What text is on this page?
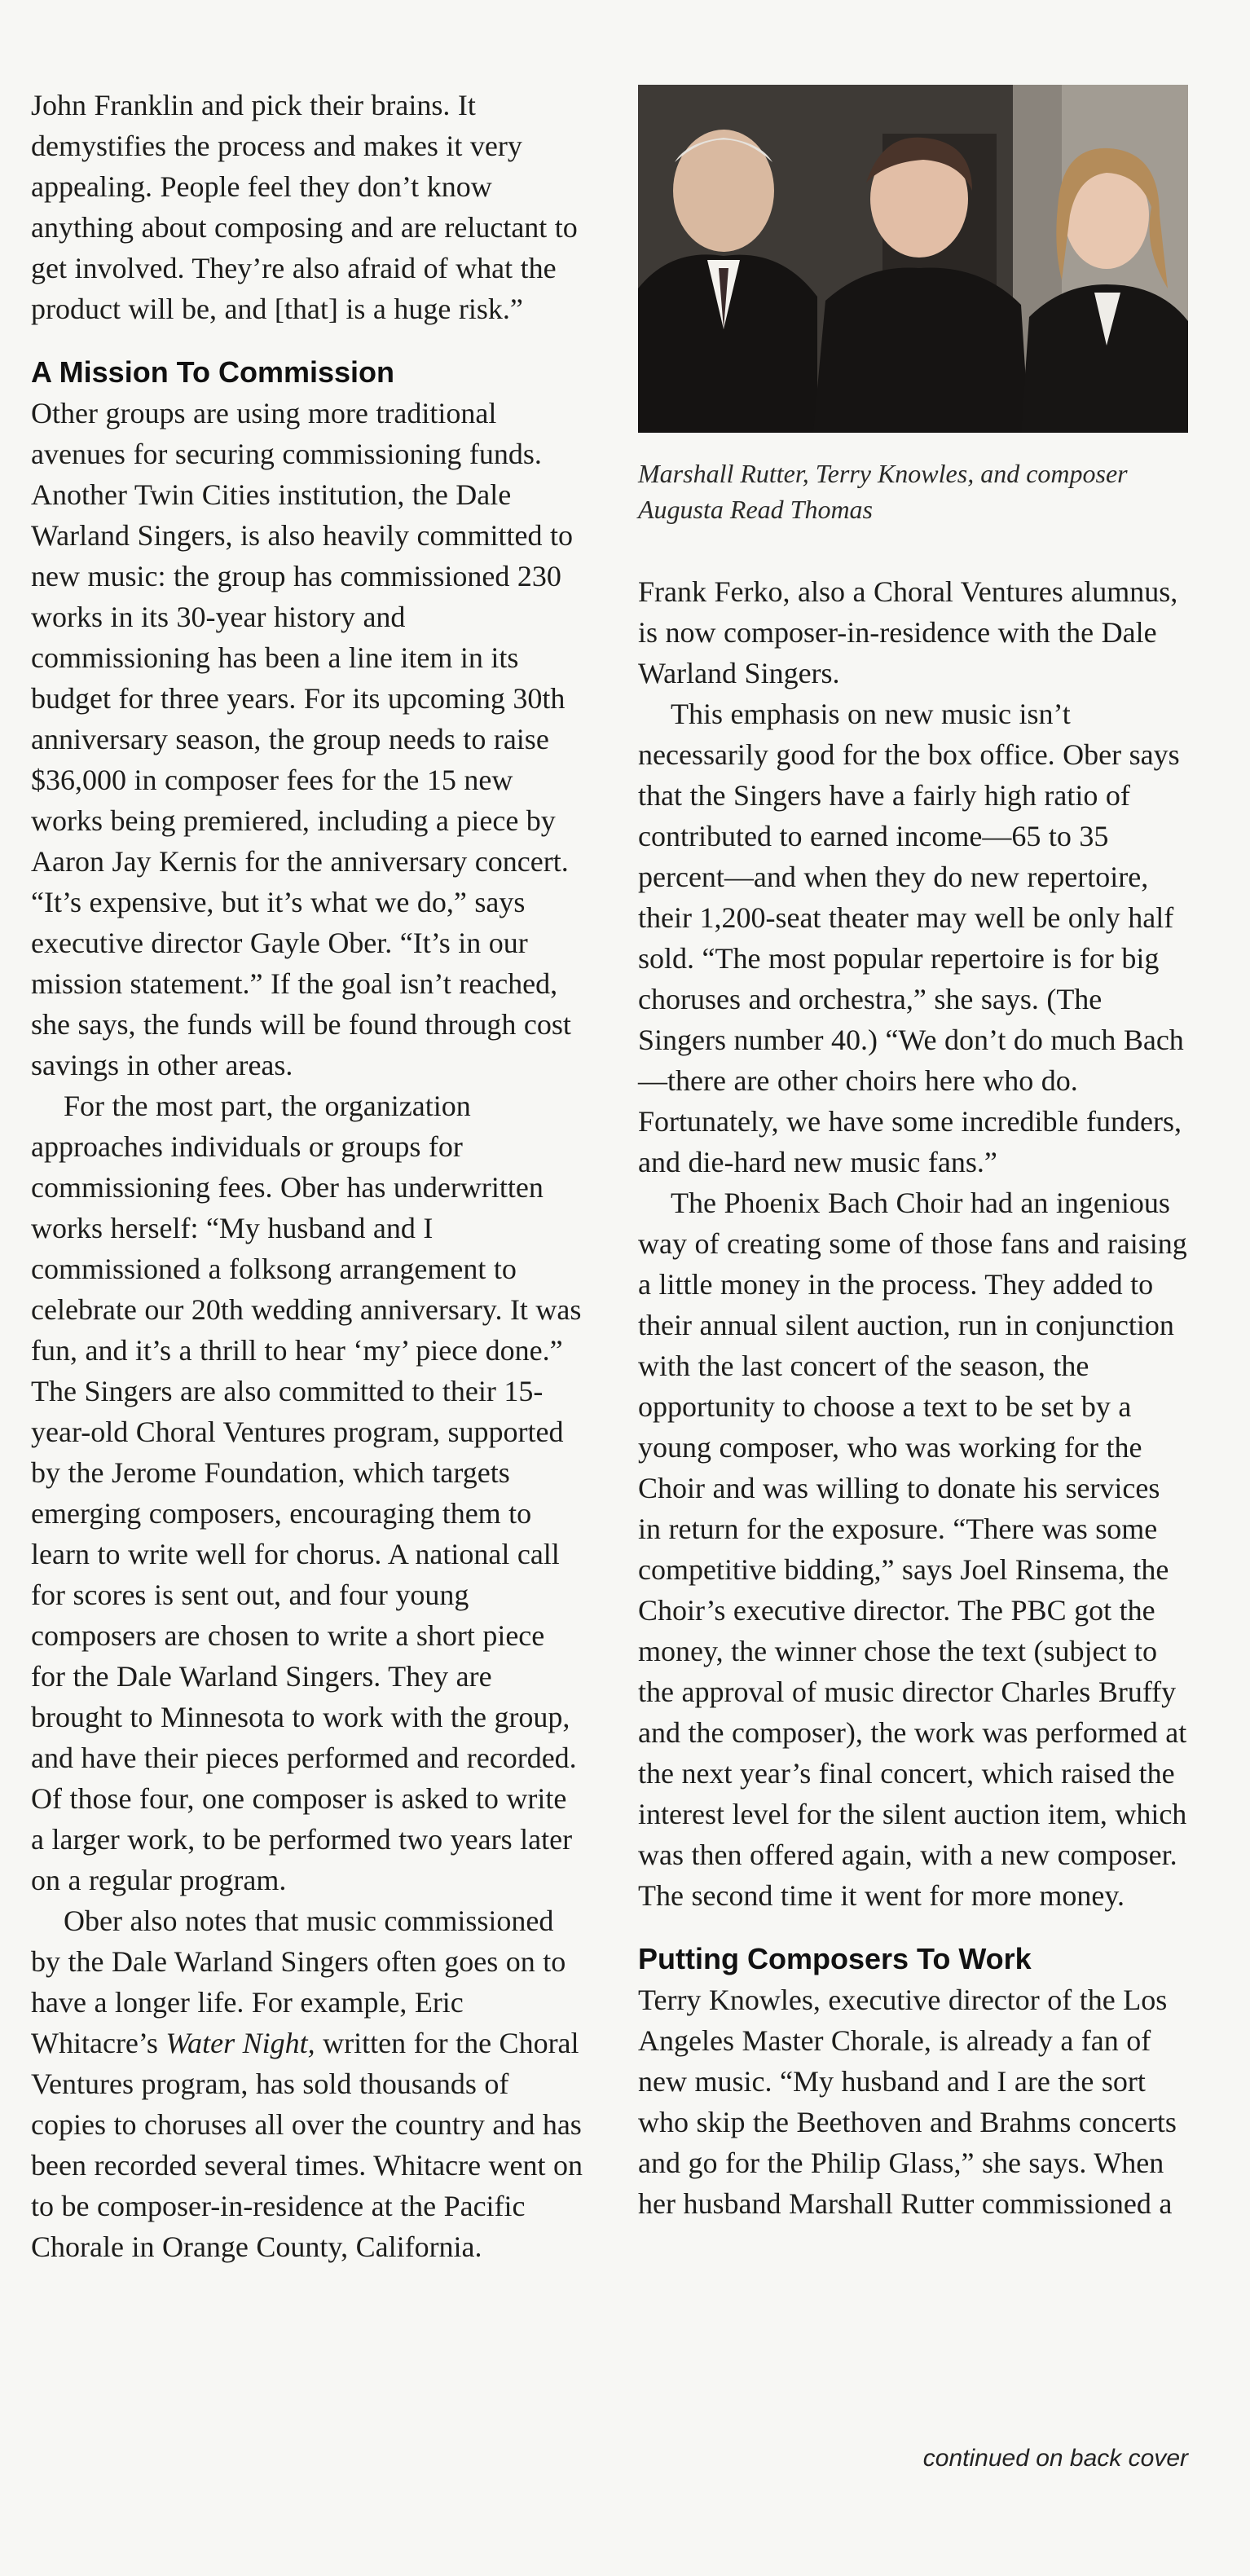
John Franklin and pick their brains. It demystifies the process and makes it very appealing. People feel they don’t know anything about composing and are reluctant to get involved. They’re also afraid of what the product will be, and [that] is a huge risk.”

A Mission To Commission

Other groups are using more traditional avenues for securing commissioning funds. Another Twin Cities institution, the Dale Warland Singers, is also heavily committed to new music: the group has commissioned 230 works in its 30-year history and commissioning has been a line item in its budget for three years. For its upcoming 30th anniversary season, the group needs to raise $36,000 in composer fees for the 15 new works being premiered, including a piece by Aaron Jay Kernis for the anniversary concert. “It’s expensive, but it’s what we do,” says executive director Gayle Ober. “It’s in our mission statement.” If the goal isn’t reached, she says, the funds will be found through cost savings in other areas.

For the most part, the organization approaches individuals or groups for commissioning fees. Ober has underwritten works herself: “My husband and I commissioned a folksong arrangement to celebrate our 20th wedding anniversary. It was fun, and it’s a thrill to hear ‘my’ piece done.” The Singers are also committed to their 15-year-old Choral Ventures program, supported by the Jerome Foundation, which targets emerging composers, encouraging them to learn to write well for chorus. A national call for scores is sent out, and four young composers are chosen to write a short piece for the Dale Warland Singers. They are brought to Minnesota to work with the group, and have their pieces performed and recorded. Of those four, one composer is asked to write a larger work, to be performed two years later on a regular program.

Ober also notes that music commissioned by the Dale Warland Singers often goes on to have a longer life. For example, Eric Whitacre’s Water Night, written for the Choral Ventures program, has sold thousands of copies to choruses all over the country and has been recorded several times. Whitacre went on to be composer-in-residence at the Pacific Chorale in Orange County, California.

Marshall Rutter, Terry Knowles, and composer Augusta Read Thomas

Frank Ferko, also a Choral Ventures alumnus, is now composer-in-residence with the Dale Warland Singers.

This emphasis on new music isn’t necessarily good for the box office. Ober says that the Singers have a fairly high ratio of contributed to earned income—65 to 35 percent—and when they do new repertoire, their 1,200-seat theater may well be only half sold. “The most popular repertoire is for big choruses and orchestra,” she says. (The Singers number 40.) “We don’t do much Bach—there are other choirs here who do. Fortunately, we have some incredible funders, and die-hard new music fans.”

The Phoenix Bach Choir had an ingenious way of creating some of those fans and raising a little money in the process. They added to their annual silent auction, run in conjunction with the last concert of the season, the opportunity to choose a text to be set by a young composer, who was working for the Choir and was willing to donate his services in return for the exposure. “There was some competitive bidding,” says Joel Rinsema, the Choir’s executive director. The PBC got the money, the winner chose the text (subject to the approval of music director Charles Bruffy and the composer), the work was performed at the next year’s final concert, which raised the interest level for the silent auction item, which was then offered again, with a new composer. The second time it went for more money.

Putting Composers To Work

Terry Knowles, executive director of the Los Angeles Master Chorale, is already a fan of new music. “My husband and I are the sort who skip the Beethoven and Brahms concerts and go for the Philip Glass,” she says. When her husband Marshall Rutter commissioned a

continued on back cover
